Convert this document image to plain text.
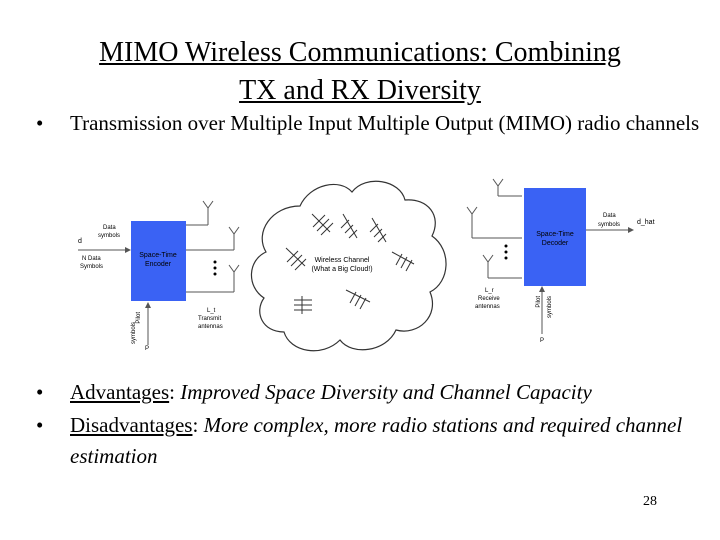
MIMO Wireless Communications: Combining
TX and RX Diversity
• Transmission over Multiple Input Multiple Output (MIMO) radio channels
Space-Time
Encoder
d
Data
symbols
N Data
Symbols
Pilot
symbols
P
L_t
Transmit
antennas
Wireless Channel
(What a Big Cloud!)
Space-Time
Decoder
Data
symbols d_hat
L_r
Receive
antennas	Pilot symbols
P
• Advantages: Improved Space Diversity and Channel Capacity
• Disadvantages: More complex, more radio stations and required channel estimation
28
